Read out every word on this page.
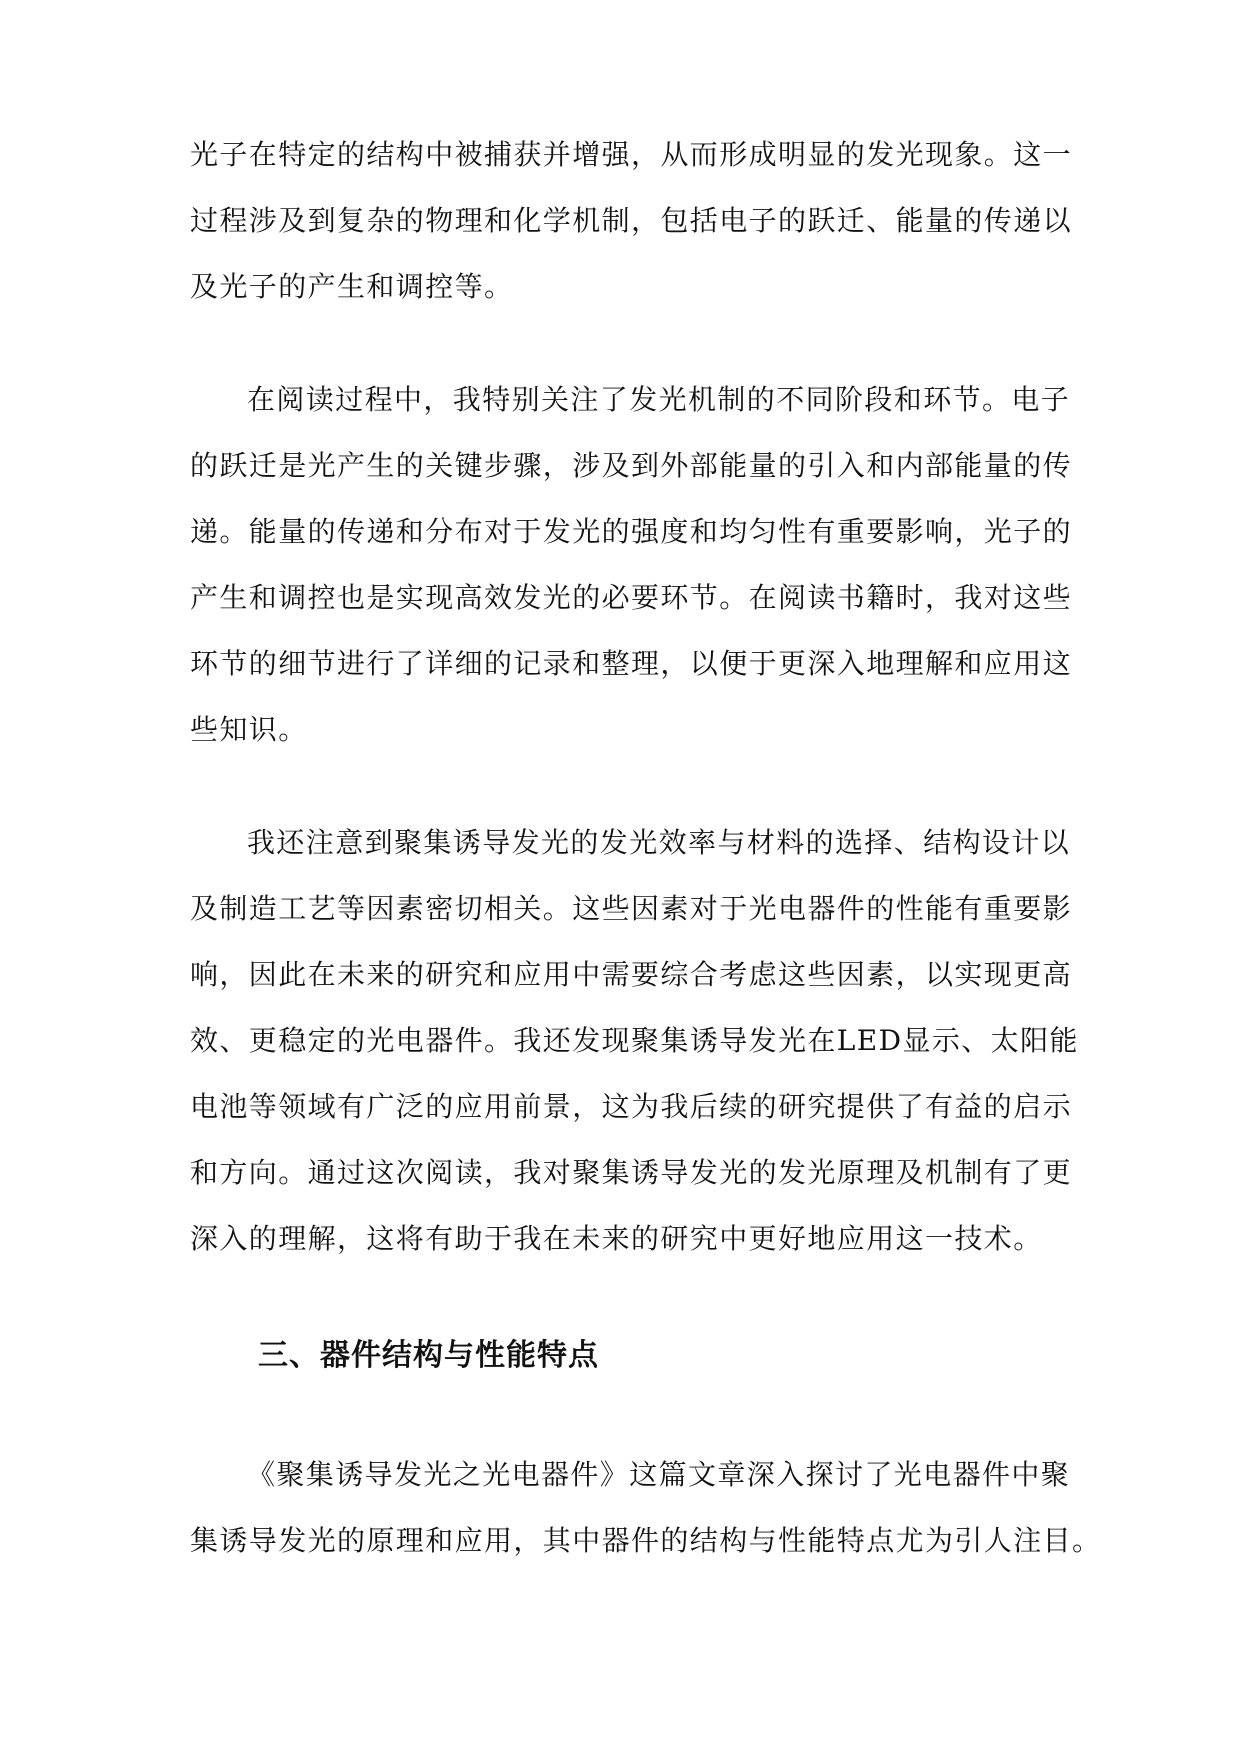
光子在特定的结构中被捕获并增强，从而形成明显的发光现象。这一
过程涉及到复杂的物理和化学机制，包括电子的跃迁、能量的传递以
及光子的产生和调控等。
在阅读过程中，我特别关注了发光机制的不同阶段和环节。电子
的跃迁是光产生的关键步骤，涉及到外部能量的引入和内部能量的传
递。能量的传递和分布对于发光的强度和均匀性有重要影响，光子的
产生和调控也是实现高效发光的必要环节。在阅读书籍时，我对这些
环节的细节进行了详细的记录和整理，以便于更深入地理解和应用这
些知识。
我还注意到聚集诱导发光的发光效率与材料的选择、结构设计以
及制造工艺等因素密切相关。这些因素对于光电器件的性能有重要影
响，因此在未来的研究和应用中需要综合考虑这些因素，以实现更高
效、更稳定的光电器件。我还发现聚集诱导发光在LED显示、太阳能
电池等领域有广泛的应用前景，这为我后续的研究提供了有益的启示
和方向。通过这次阅读，我对聚集诱导发光的发光原理及机制有了更
深入的理解，这将有助于我在未来的研究中更好地应用这一技术。
三、器件结构与性能特点
《聚集诱导发光之光电器件》这篇文章深入探讨了光电器件中聚
集诱导发光的原理和应用，其中器件的结构与性能特点尤为引人注目。
